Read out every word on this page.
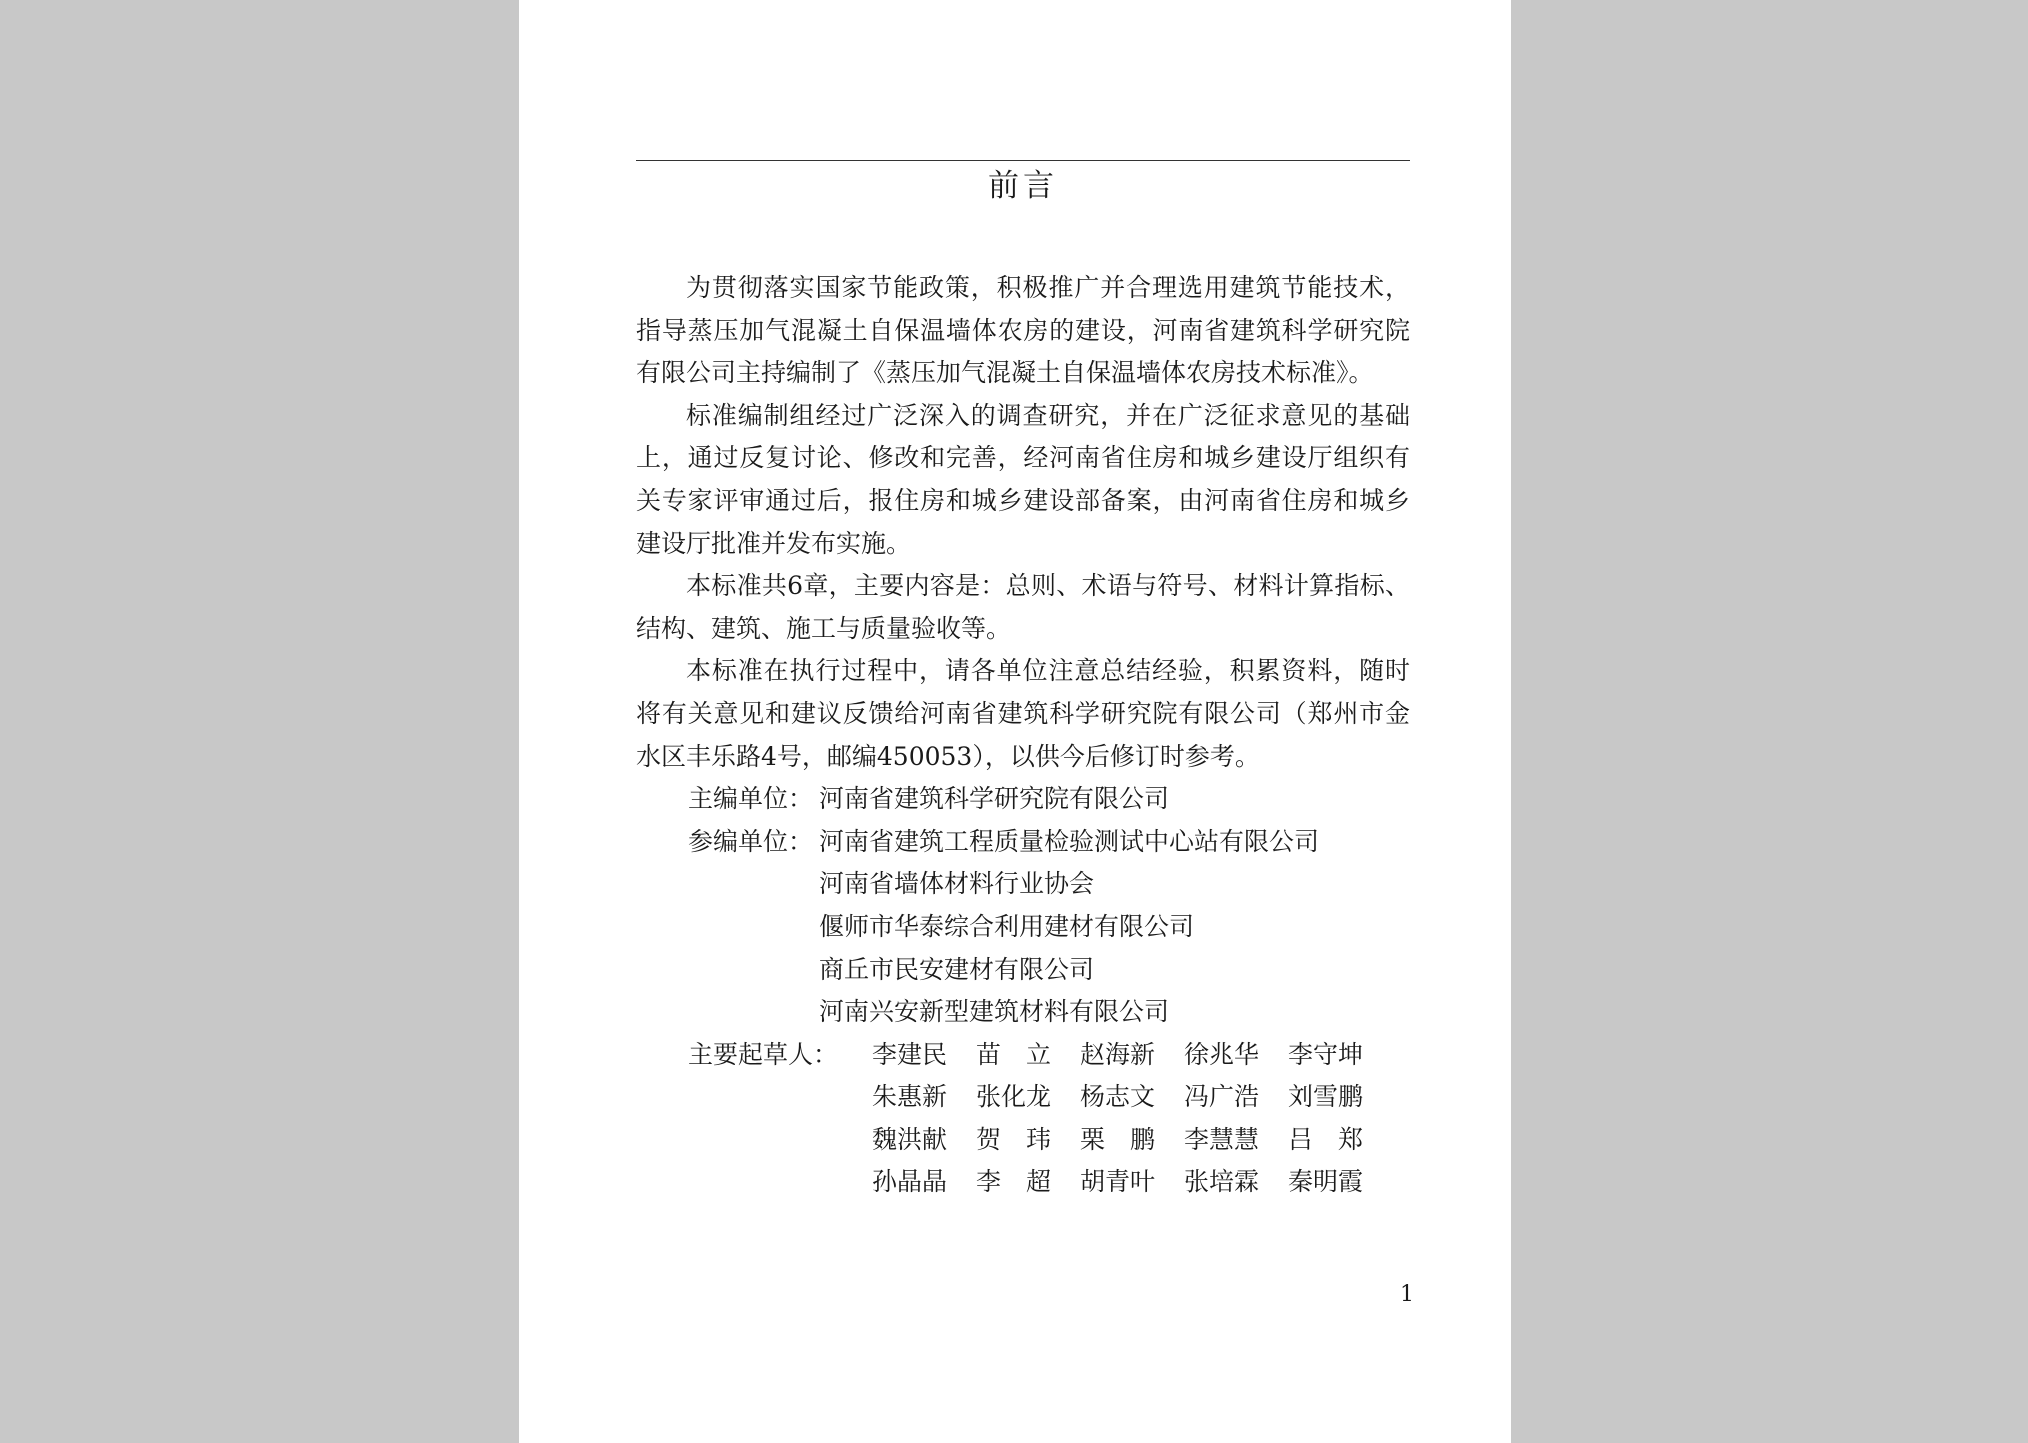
前言

为贯彻落实国家节能政策，积极推广并合理选用建筑节能技术，指导蒸压加气混凝土自保温墙体农房的建设，河南省建筑科学研究院有限公司主持编制了《蒸压加气混凝土自保温墙体农房技术标准》。

标准编制组经过广泛深入的调查研究，并在广泛征求意见的基础上，通过反复讨论、修改和完善，经河南省住房和城乡建设厅组织有关专家评审通过后，报住房和城乡建设部备案，由河南省住房和城乡建设厅批准并发布实施。

本标准共6章，主要内容是：总则、术语与符号、材料计算指标、结构、建筑、施工与质量验收等。

本标准在执行过程中，请各单位注意总结经验，积累资料，随时将有关意见和建议反馈给河南省建筑科学研究院有限公司（郑州市金水区丰乐路4号，邮编450053），以供今后修订时参考。

主编单位： 河南省建筑科学研究院有限公司
参编单位： 河南省建筑工程质量检验测试中心站有限公司
河南省墙体材料行业协会
偃师市华泰综合利用建材有限公司
商丘市民安建材有限公司
河南兴安新型建筑材料有限公司
主要起草人：	李建民	苗　立	赵海新	徐兆华	李守坤
朱惠新	张化龙	杨志文	冯广浩	刘雪鹏
魏洪献	贺　玮	栗　鹏	李慧慧	吕　郑
孙晶晶	李　超	胡青叶	张培霖	秦明霞
1
